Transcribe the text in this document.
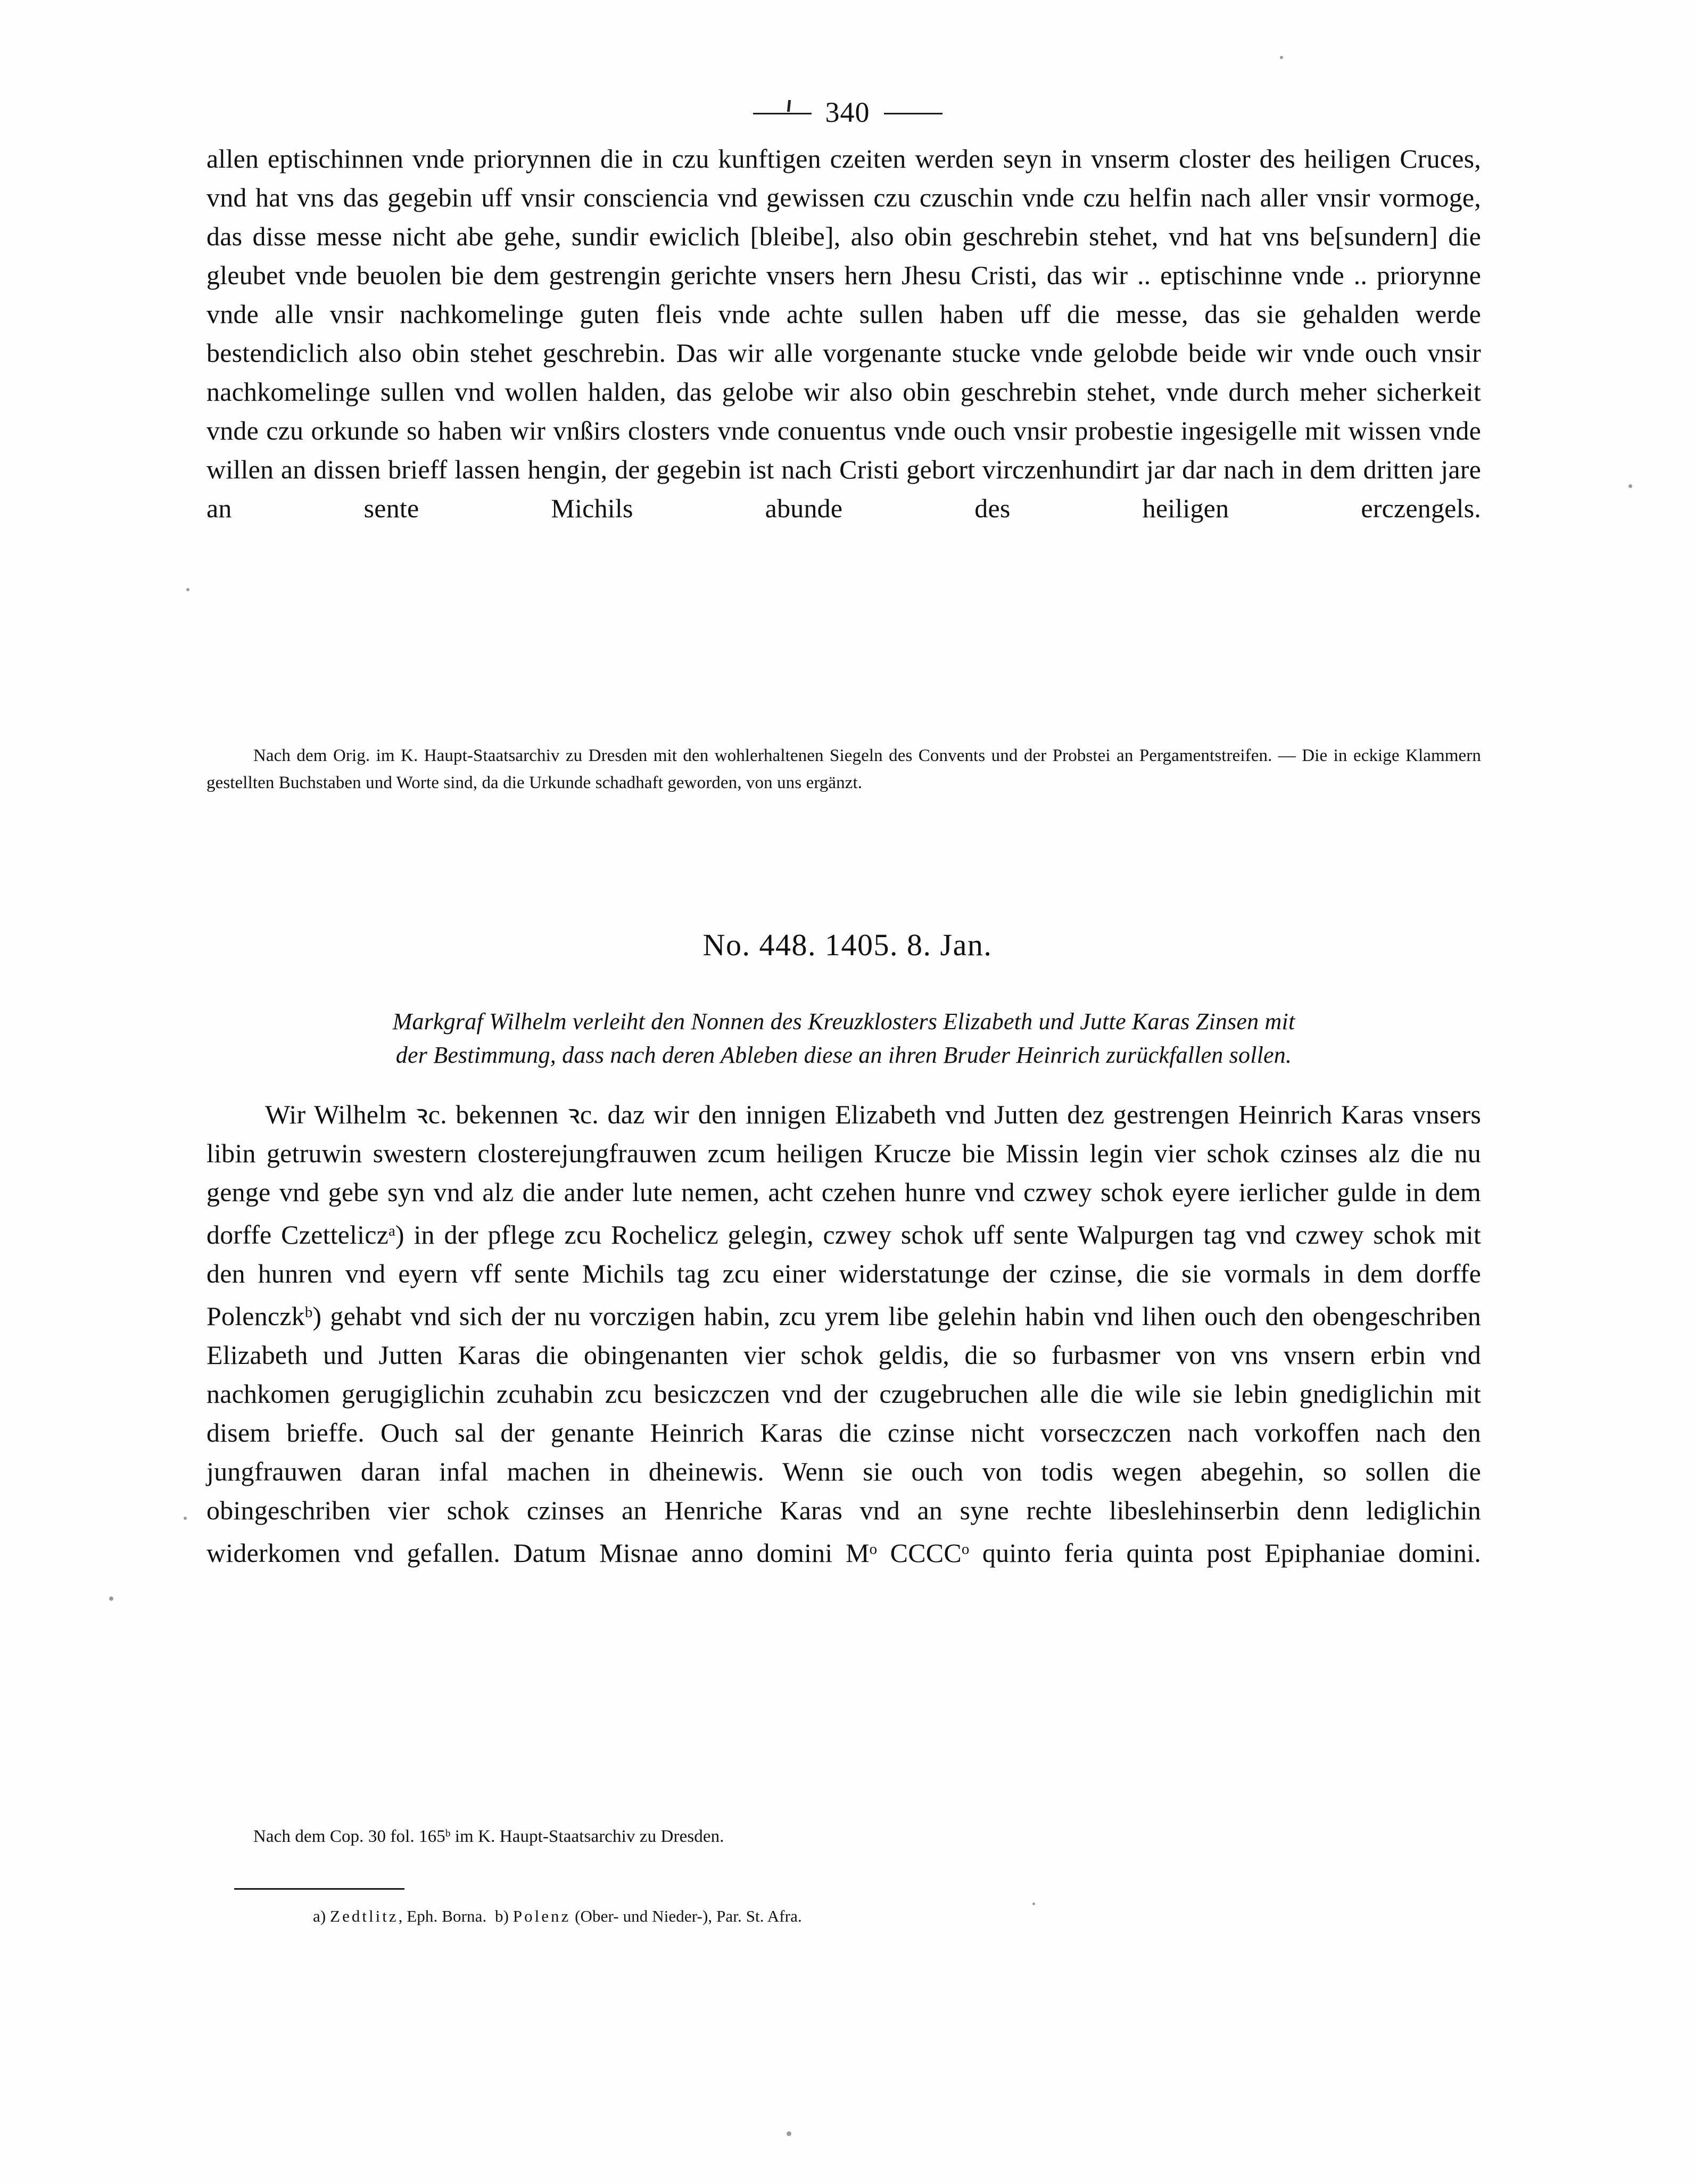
340
allen eptischinnen vnde priorynnen die in czu kunftigen czeiten werden seyn in vnserm closter des heiligen Cruces, vnd hat vns das gegebin uff vnsir consciencia vnd gewissen czu czuschin vnde czu helfin nach aller vnsir vormoge, das disse messe nicht abe gehe, sundir ewiclich [bleibe], also obin geschrebin stehet, vnd hat vns be[sundern] die gleubet vnde beuolen bie dem gestrengin gerichte vnsers hern Jhesu Cristi, das wir .. eptischinne vnde .. priorynne vnde alle vnsir nachkomelinge guten fleis vnde achte sullen haben uff die messe, das sie gehalden werde bestendiclich also obin stehet geschrebin. Das wir alle vorgenante stucke vnde gelobde beide wir vnde ouch vnsir nachkomelinge sullen vnd wollen halden, das gelobe wir also obin geschrebin stehet, vnde durch meher sicherkeit vnde czu orkunde so haben wir vnßirs closters vnde conuentus vnde ouch vnsir probestie ingesigelle mit wissen vnde willen an dissen brieff lassen hengin, der gegebin ist nach Cristi gebort virczenhundirt jar dar nach in dem dritten jare an sente Michils abunde des heiligen erczengels.
Nach dem Orig. im K. Haupt-Staatsarchiv zu Dresden mit den wohlerhaltenen Siegeln des Convents und der Probstei an Pergamentstreifen. — Die in eckige Klammern gestellten Buchstaben und Worte sind, da die Urkunde schadhaft geworden, von uns ergänzt.
No. 448. 1405. 8. Jan.
Markgraf Wilhelm verleiht den Nonnen des Kreuzklosters Elizabeth und Jutte Karas Zinsen mit
der Bestimmung, dass nach deren Ableben diese an ihren Bruder Heinrich zurückfallen sollen.
Wir Wilhelm ꝛc. bekennen ꝛc. daz wir den innigen Elizabeth vnd Jutten dez gestrengen Heinrich Karas vnsers libin getruwin swestern closterejungfrauwen zcum heiligen Krucze bie Missin legin vier schok czinses alz die nu genge vnd gebe syn vnd alz die ander lute nemen, acht czehen hunre vnd czwey schok eyere ierlicher gulde in dem dorffe Czettelicz$^a$) in der pflege zcu Rochelicz gelegin, czwey schok uff sente Walpurgen tag vnd czwey schok mit den hunren vnd eyern vff sente Michils tag zcu einer widerstatunge der czinse, die sie vormals in dem dorffe Polenczk$^b$) gehabt vnd sich der nu vorczigen habin, zcu yrem libe gelehin habin vnd lihen ouch den obengeschriben Elizabeth und Jutten Karas die obingenanten vier schok geldis, die so furbasmer von vns vnsern erbin vnd nachkomen gerugiglichin zcuhabin zcu besiczczen vnd der czugebruchen alle die wile sie lebin gnediglichin mit disem brieffe. Ouch sal der genante Heinrich Karas die czinse nicht vorseczczen nach vorkoffen nach den jungfrauwen daran infal machen in dheinewis. Wenn sie ouch von todis wegen abegehin, so sollen die obingeschriben vier schok czinses an Henriche Karas vnd an syne rechte libeslehinserbin denn lediglichin widerkomen vnd gefallen. Datum Misnae anno domini $M^o$ CCCC$^o$ quinto feria quinta post Epiphaniae domini.
Nach dem Cop. 30 fol. 165$^b$ im K. Haupt-Staatsarchiv zu Dresden.
a) Zedtlitz, Eph. Borna. b) Polenz (Ober- und Nieder-), Par. St. Afra.
